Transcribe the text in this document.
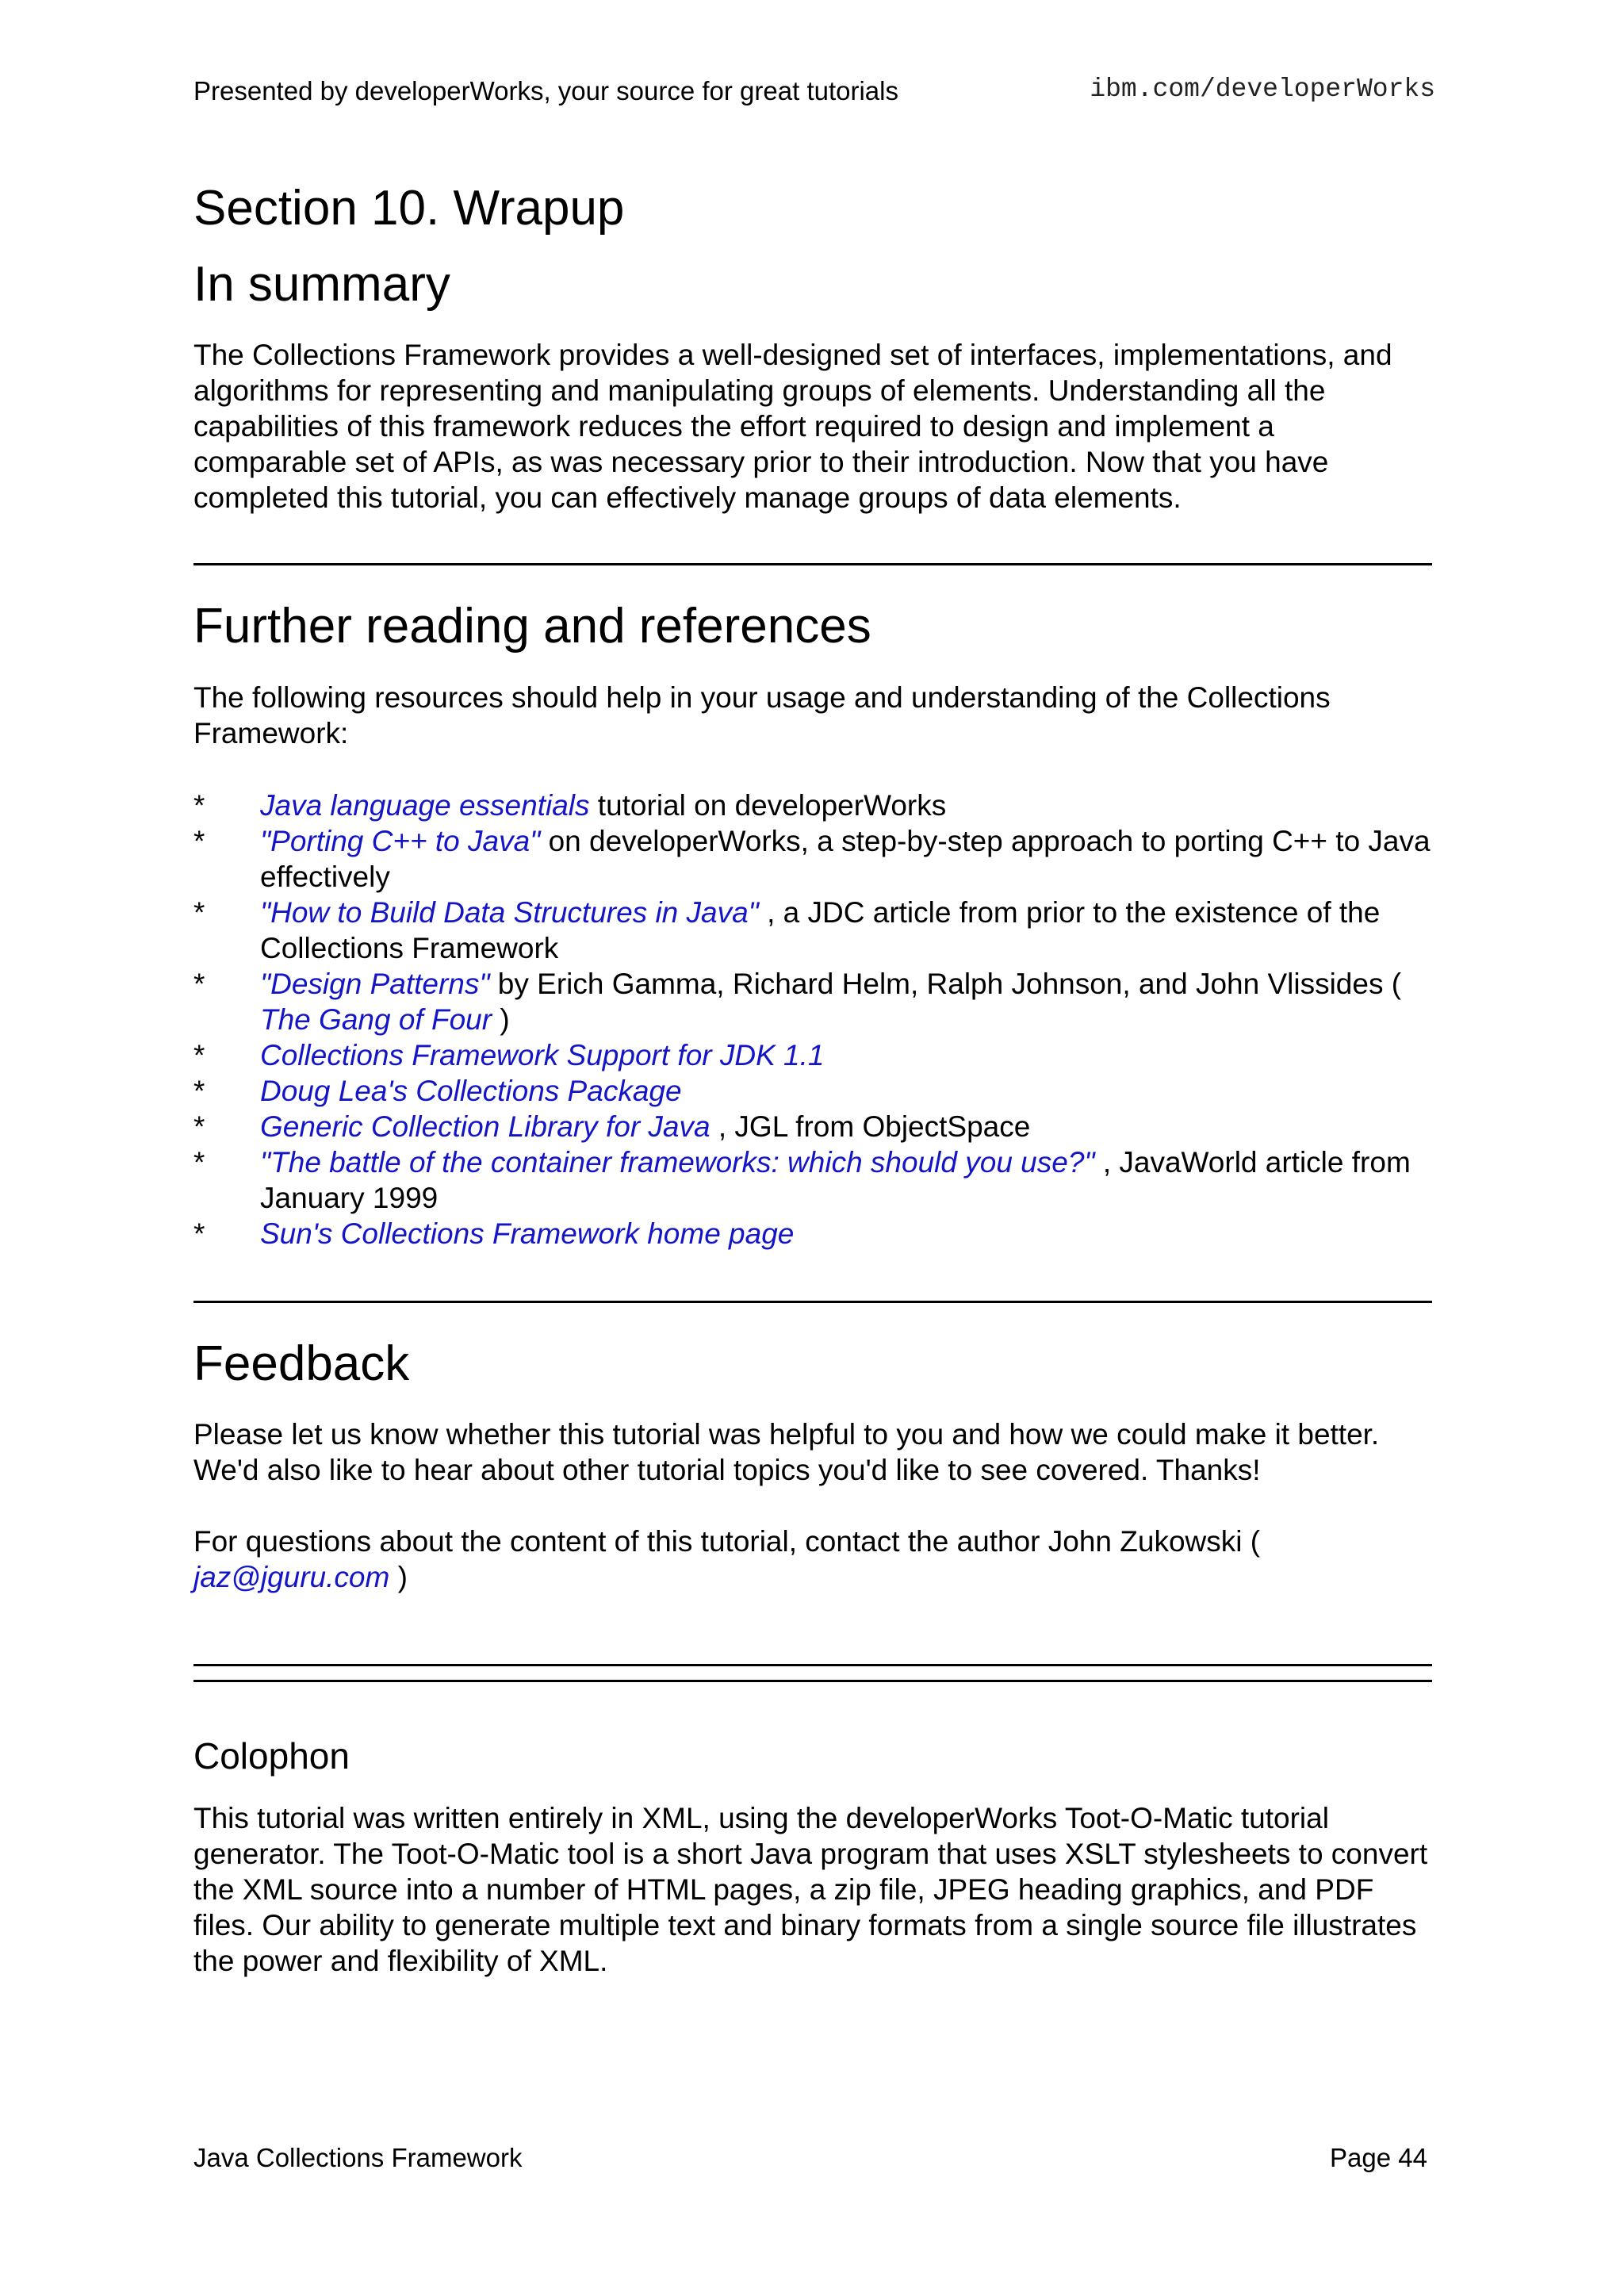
Presented by developerWorks, your source for great tutorials	ibm.com/developerWorks
Section 10. Wrapup
In summary

The Collections Framework provides a well-designed set of interfaces, implementations, and algorithms for representing and manipulating groups of elements. Understanding all the capabilities of this framework reduces the effort required to design and implement a comparable set of APIs, as was necessary prior to their introduction. Now that you have completed this tutorial, you can effectively manage groups of data elements.

Further reading and references

The following resources should help in your usage and understanding of the Collections Framework:

* Java language essentials tutorial on developerWorks
* "Porting C++ to Java" on developerWorks, a step-by-step approach to porting C++ to Java effectively
* "How to Build Data Structures in Java" , a JDC article from prior to the existence of the Collections Framework
* "Design Patterns" by Erich Gamma, Richard Helm, Ralph Johnson, and John Vlissides ( The Gang of Four )
* Collections Framework Support for JDK 1.1
* Doug Lea's Collections Package
* Generic Collection Library for Java , JGL from ObjectSpace
* "The battle of the container frameworks: which should you use?" , JavaWorld article from January 1999
* Sun's Collections Framework home page
Feedback

Please let us know whether this tutorial was helpful to you and how we could make it better. We'd also like to hear about other tutorial topics you'd like to see covered. Thanks!

For questions about the content of this tutorial, contact the author John Zukowski (
jaz@jguru.com )

Colophon

This tutorial was written entirely in XML, using the developerWorks Toot-O-Matic tutorial generator. The Toot-O-Matic tool is a short Java program that uses XSLT stylesheets to convert the XML source into a number of HTML pages, a zip file, JPEG heading graphics, and PDF files. Our ability to generate multiple text and binary formats from a single source file illustrates the power and flexibility of XML.

Java Collections Framework	Page 44
